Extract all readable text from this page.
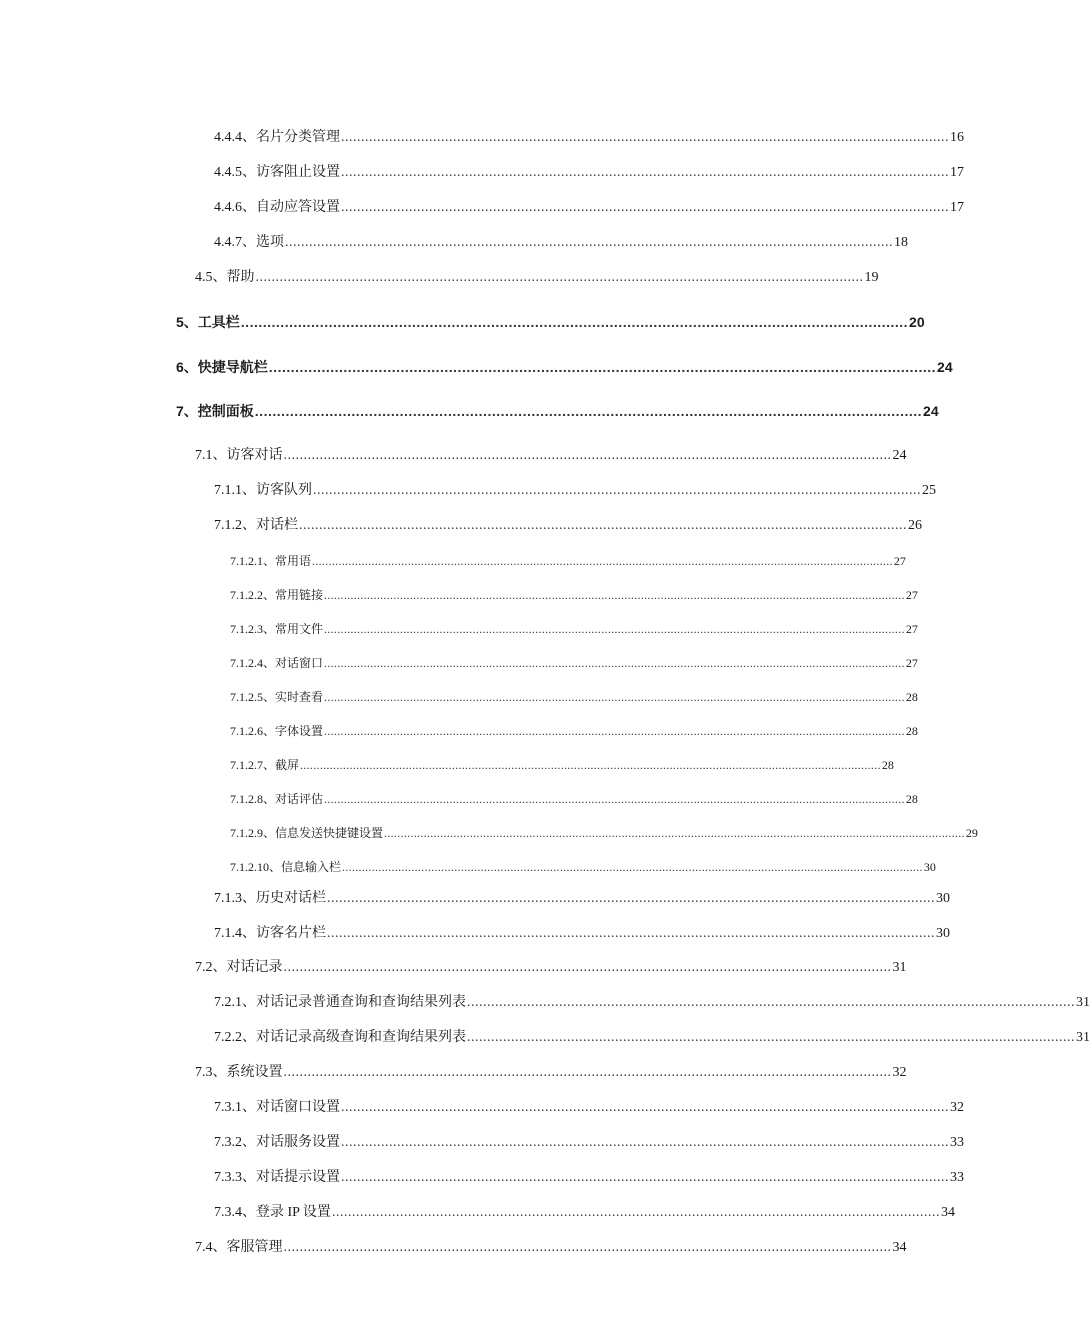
4.4.4、 名片分类管理 ........................................................................................................................................................ 16
4.4.5、 访客阻止设置 ........................................................................................................................................................ 17
4.4.6、 自动应答设置 ........................................................................................................................................................ 17
4.4.7、 选项 ........................................................................................................................................................ 18
4.5、 帮助 ........................................................................................................................................................ 19
5、 工具栏 ........................................................................................................................................................ 20
6、 快捷导航栏 ........................................................................................................................................................ 24
7、 控制面板 ........................................................................................................................................................ 24
7.1、 访客对话 ........................................................................................................................................................ 24
7.1.1、 访客队列 ........................................................................................................................................................ 25
7.1.2、 对话栏 ........................................................................................................................................................ 26
7.1.2.1、 常用语 ................................................................................................................................................................................ 27
7.1.2.2、 常用链接 ................................................................................................................................................................................ 27
7.1.2.3、 常用文件 ................................................................................................................................................................................ 27
7.1.2.4、 对话窗口 ................................................................................................................................................................................ 27
7.1.2.5、 实时查看 ................................................................................................................................................................................ 28
7.1.2.6、 字体设置 ................................................................................................................................................................................ 28
7.1.2.7、 截屏 ................................................................................................................................................................................ 28
7.1.2.8、 对话评估 ................................................................................................................................................................................ 28
7.1.2.9、 信息发送快捷键设置 ................................................................................................................................................................................ 29
7.1.2.10、 信息输入栏 ................................................................................................................................................................................ 30
7.1.3、 历史对话栏 ........................................................................................................................................................ 30
7.1.4、 访客名片栏 ........................................................................................................................................................ 30
7.2、 对话记录 ........................................................................................................................................................ 31
7.2.1、 对话记录普通查询和查询结果列表 ........................................................................................................................................................ 31
7.2.2、 对话记录高级查询和查询结果列表 ........................................................................................................................................................ 31
7.3、 系统设置 ........................................................................................................................................................ 32
7.3.1、 对话窗口设置 ........................................................................................................................................................ 32
7.3.2、 对话服务设置 ........................................................................................................................................................ 33
7.3.3、 对话提示设置 ........................................................................................................................................................ 33
7.3.4、 登录 IP 设置 ........................................................................................................................................................ 34
7.4、 客服管理 ........................................................................................................................................................ 34
